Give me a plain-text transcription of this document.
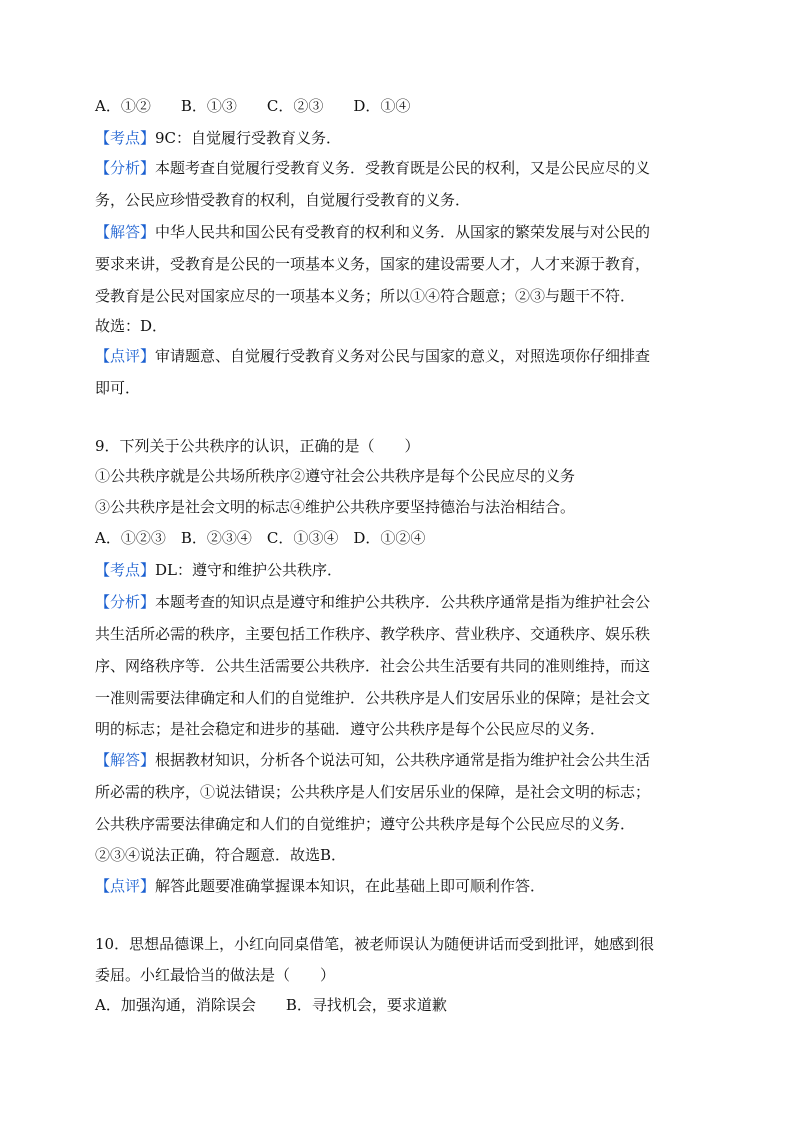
A．①②　　B．①③　　C．②③　　D．①④
【考点】9C：自觉履行受教育义务．
【分析】本题考查自觉履行受教育义务．受教育既是公民的权利，又是公民应尽的义
务，公民应珍惜受教育的权利，自觉履行受教育的义务．
【解答】中华人民共和国公民有受教育的权利和义务．从国家的繁荣发展与对公民的
要求来讲，受教育是公民的一项基本义务，国家的建设需要人才，人才来源于教育，
受教育是公民对国家应尽的一项基本义务；所以①④符合题意；②③与题干不符．
故选：D．
【点评】审请题意、自觉履行受教育义务对公民与国家的意义，对照选项你仔细排查
即可．
9．下列关于公共秩序的认识，正确的是（　　）
①公共秩序就是公共场所秩序②遵守社会公共秩序是每个公民应尽的义务
③公共秩序是社会文明的标志④维护公共秩序要坚持德治与法治相结合。
A．①②③　B．②③④　C．①③④　D．①②④
【考点】DL：遵守和维护公共秩序．
【分析】本题考查的知识点是遵守和维护公共秩序．公共秩序通常是指为维护社会公
共生活所必需的秩序，主要包括工作秩序、教学秩序、营业秩序、交通秩序、娱乐秩
序、网络秩序等．公共生活需要公共秩序．社会公共生活要有共同的准则维持，而这
一准则需要法律确定和人们的自觉维护．公共秩序是人们安居乐业的保障；是社会文
明的标志；是社会稳定和进步的基础．遵守公共秩序是每个公民应尽的义务．
【解答】根据教材知识，分析各个说法可知，公共秩序通常是指为维护社会公共生活
所必需的秩序，①说法错误；公共秩序是人们安居乐业的保障，是社会文明的标志；
公共秩序需要法律确定和人们的自觉维护；遵守公共秩序是每个公民应尽的义务．
②③④说法正确，符合题意．故选B．
【点评】解答此题要准确掌握课本知识，在此基础上即可顺利作答．
10．思想品德课上，小红向同桌借笔，被老师误认为随便讲话而受到批评，她感到很
委屈。小红最恰当的做法是（　　）
A．加强沟通，消除误会 B．寻找机会，要求道歉
